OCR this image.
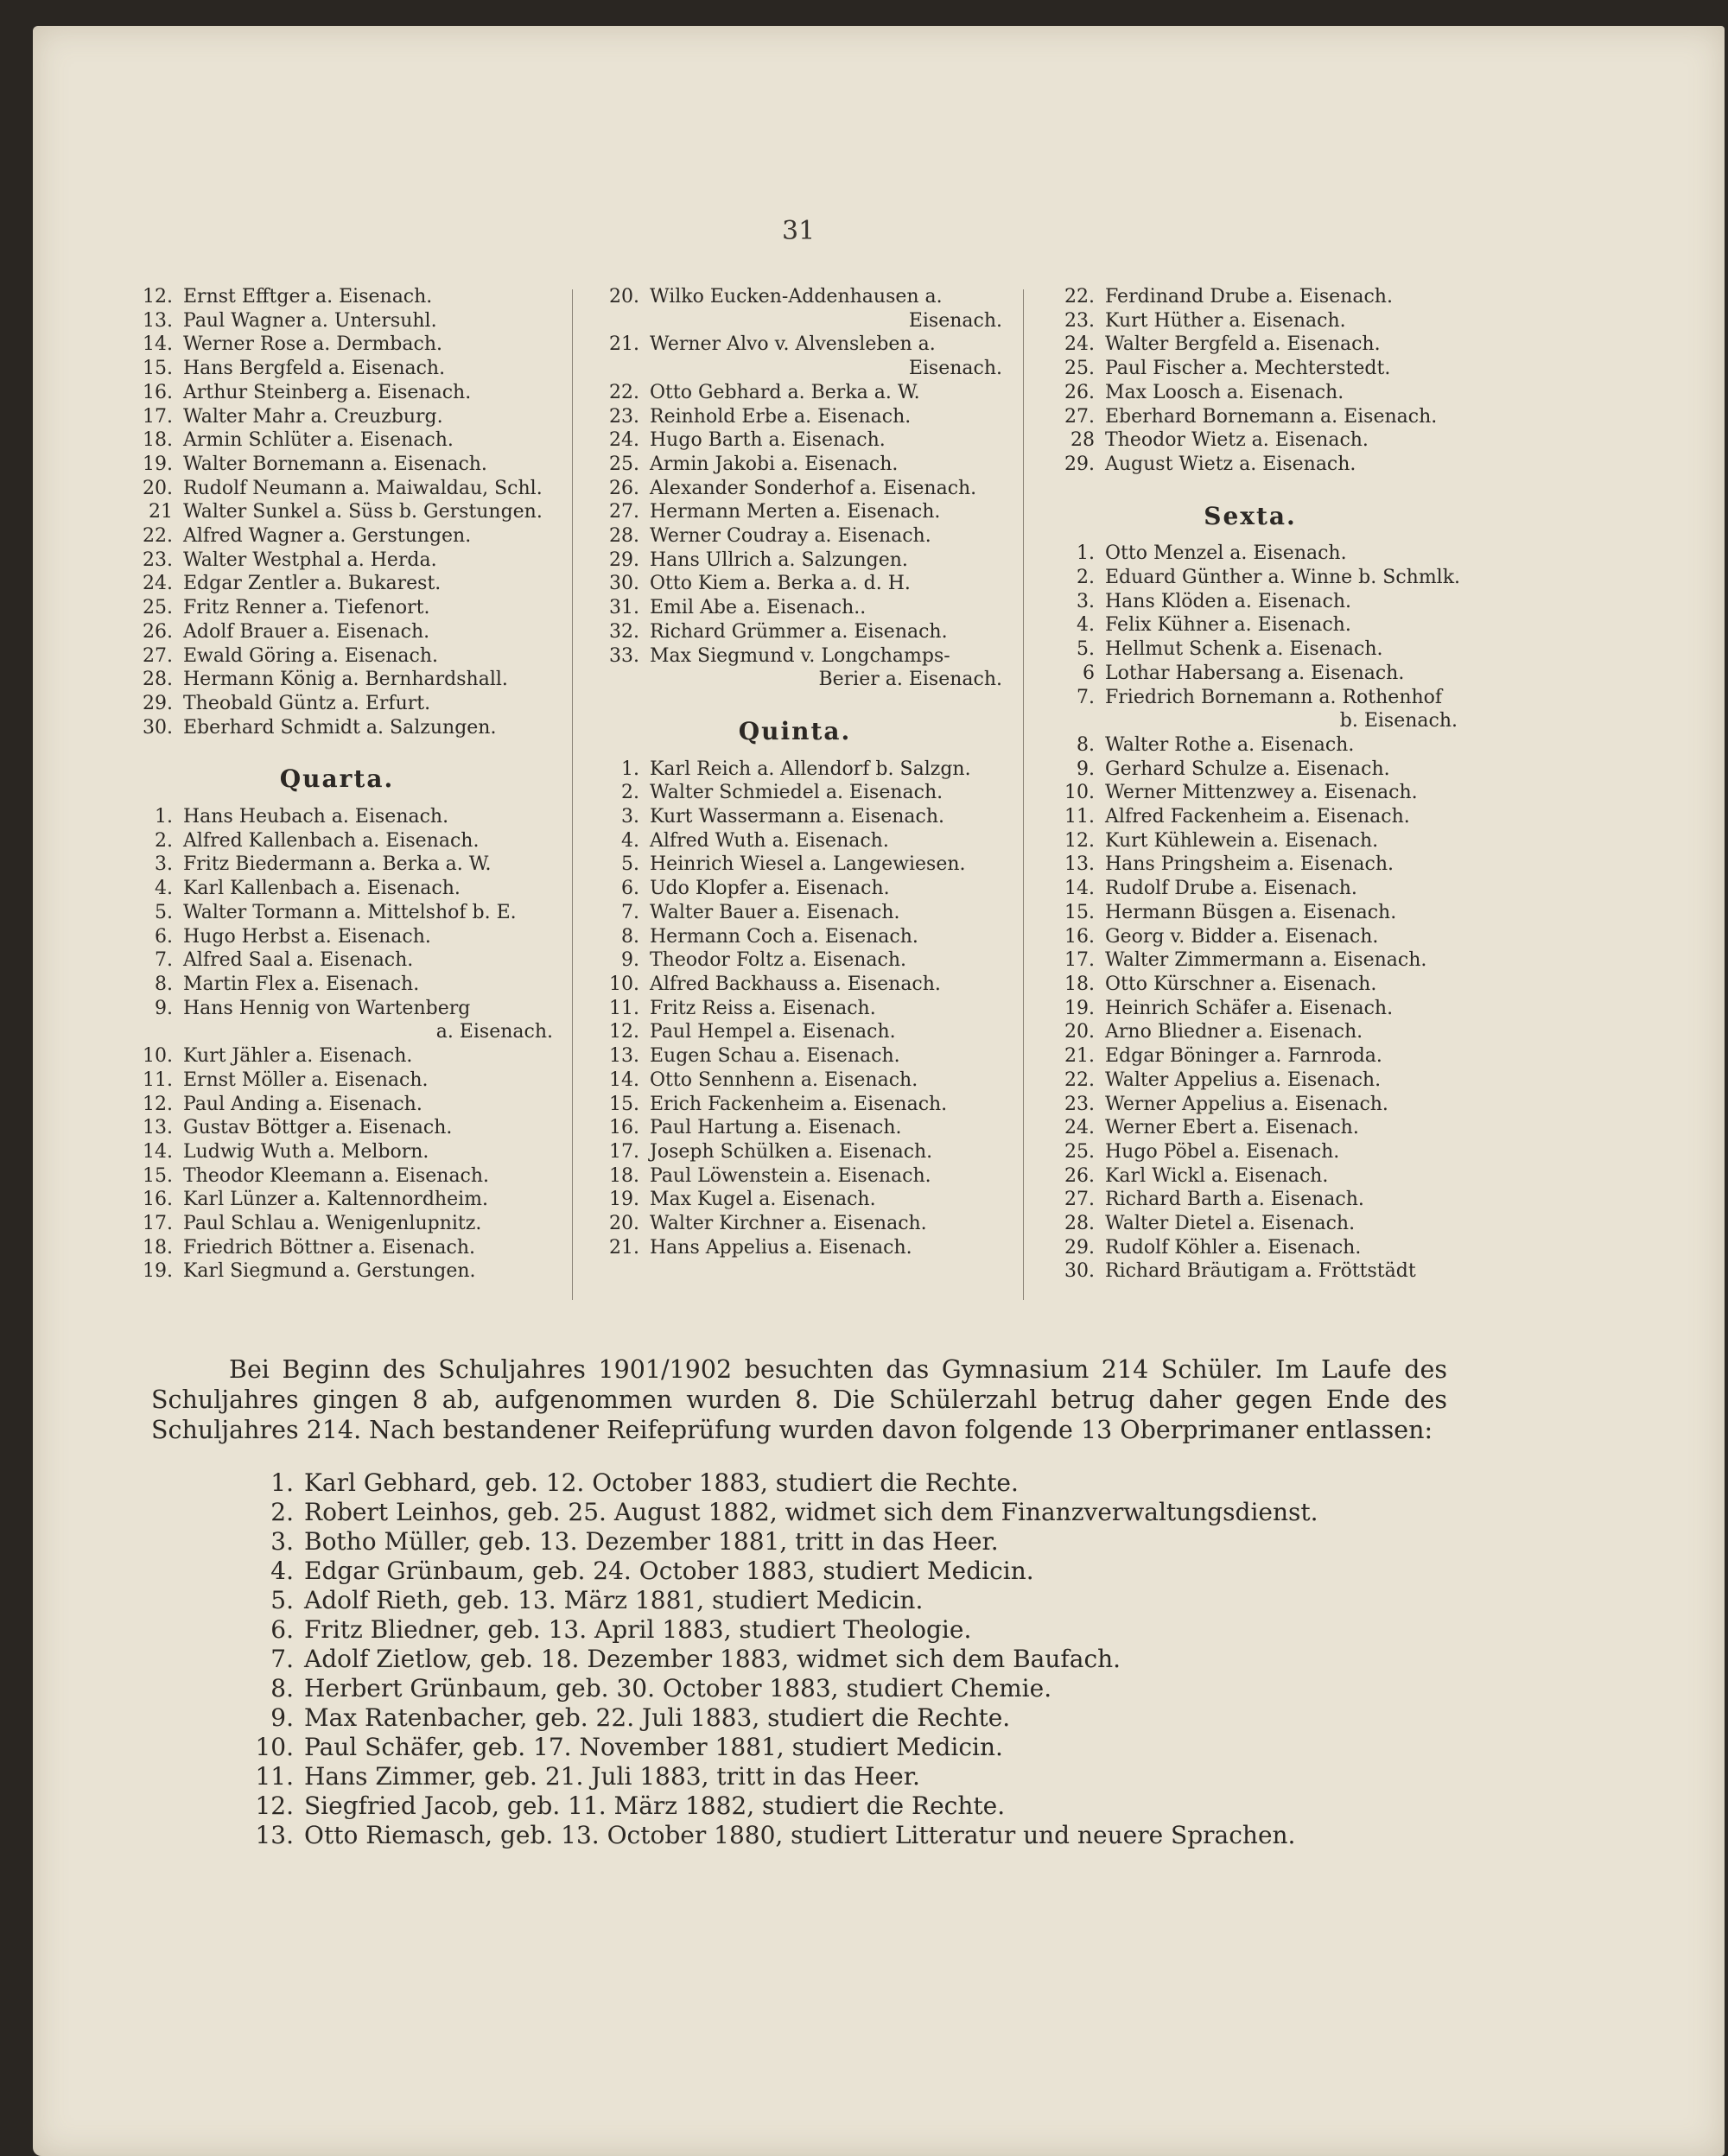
31
12. Ernst Efftger a. Eisenach.
13. Paul Wagner a. Untersuhl.
14. Werner Rose a. Dermbach.
15. Hans Bergfeld a. Eisenach.
16. Arthur Steinberg a. Eisenach.
17. Walter Mahr a. Creuzburg.
18. Armin Schlüter a. Eisenach.
19. Walter Bornemann a. Eisenach.
20. Rudolf Neumann a. Maiwaldau, Schl.
21 Walter Sunkel a. Süss b. Gerstungen.
22. Alfred Wagner a. Gerstungen.
23. Walter Westphal a. Herda.
24. Edgar Zentler a. Bukarest.
25. Fritz Renner a. Tiefenort.
26. Adolf Brauer a. Eisenach.
27. Ewald Göring a. Eisenach.
28. Hermann König a. Bernhardshall.
29. Theobald Güntz a. Erfurt.
30. Eberhard Schmidt a. Salzungen.
Quarta.
1. Hans Heubach a. Eisenach.
2. Alfred Kallenbach a. Eisenach.
3. Fritz Biedermann a. Berka a. W.
4. Karl Kallenbach a. Eisenach.
5. Walter Tormann a. Mittelshof b. E.
6. Hugo Herbst a. Eisenach.
7. Alfred Saal a. Eisenach.
8. Martin Flex a. Eisenach.
9. Hans Hennig von Wartenberg
a. Eisenach.
10. Kurt Jähler a. Eisenach.
11. Ernst Möller a. Eisenach.
12. Paul Anding a. Eisenach.
13. Gustav Böttger a. Eisenach.
14. Ludwig Wuth a. Melborn.
15. Theodor Kleemann a. Eisenach.
16. Karl Lünzer a. Kaltennordheim.
17. Paul Schlau a. Wenigenlupnitz.
18. Friedrich Böttner a. Eisenach.
19. Karl Siegmund a. Gerstungen.
20. Wilko Eucken-Addenhausen a.
Eisenach.
21. Werner Alvo v. Alvensleben a.
Eisenach.
22. Otto Gebhard a. Berka a. W.
23. Reinhold Erbe a. Eisenach.
24. Hugo Barth a. Eisenach.
25. Armin Jakobi a. Eisenach.
26. Alexander Sonderhof a. Eisenach.
27. Hermann Merten a. Eisenach.
28. Werner Coudray a. Eisenach.
29. Hans Ullrich a. Salzungen.
30. Otto Kiem a. Berka a. d. H.
31. Emil Abe a. Eisenach..
32. Richard Grümmer a. Eisenach.
33. Max Siegmund v. Longchamps-
Berier a. Eisenach.
Quinta.
1. Karl Reich a. Allendorf b. Salzgn.
2. Walter Schmiedel a. Eisenach.
3. Kurt Wassermann a. Eisenach.
4. Alfred Wuth a. Eisenach.
5. Heinrich Wiesel a. Langewiesen.
6. Udo Klopfer a. Eisenach.
7. Walter Bauer a. Eisenach.
8. Hermann Coch a. Eisenach.
9. Theodor Foltz a. Eisenach.
10. Alfred Backhauss a. Eisenach.
11. Fritz Reiss a. Eisenach.
12. Paul Hempel a. Eisenach.
13. Eugen Schau a. Eisenach.
14. Otto Sennhenn a. Eisenach.
15. Erich Fackenheim a. Eisenach.
16. Paul Hartung a. Eisenach.
17. Joseph Schülken a. Eisenach.
18. Paul Löwenstein a. Eisenach.
19. Max Kugel a. Eisenach.
20. Walter Kirchner a. Eisenach.
21. Hans Appelius a. Eisenach.
22. Ferdinand Drube a. Eisenach.
23. Kurt Hüther a. Eisenach.
24. Walter Bergfeld a. Eisenach.
25. Paul Fischer a. Mechterstedt.
26. Max Loosch a. Eisenach.
27. Eberhard Bornemann a. Eisenach.
28 Theodor Wietz a. Eisenach.
29. August Wietz a. Eisenach.
Sexta.
1. Otto Menzel a. Eisenach.
2. Eduard Günther a. Winne b. Schmlk.
3. Hans Klöden a. Eisenach.
4. Felix Kühner a. Eisenach.
5. Hellmut Schenk a. Eisenach.
6 Lothar Habersang a. Eisenach.
7. Friedrich Bornemann a. Rothenhof
b. Eisenach.
8. Walter Rothe a. Eisenach.
9. Gerhard Schulze a. Eisenach.
10. Werner Mittenzwey a. Eisenach.
11. Alfred Fackenheim a. Eisenach.
12. Kurt Kühlewein a. Eisenach.
13. Hans Pringsheim a. Eisenach.
14. Rudolf Drube a. Eisenach.
15. Hermann Büsgen a. Eisenach.
16. Georg v. Bidder a. Eisenach.
17. Walter Zimmermann a. Eisenach.
18. Otto Kürschner a. Eisenach.
19. Heinrich Schäfer a. Eisenach.
20. Arno Bliedner a. Eisenach.
21. Edgar Böninger a. Farnroda.
22. Walter Appelius a. Eisenach.
23. Werner Appelius a. Eisenach.
24. Werner Ebert a. Eisenach.
25. Hugo Pöbel a. Eisenach.
26. Karl Wickl a. Eisenach.
27. Richard Barth a. Eisenach.
28. Walter Dietel a. Eisenach.
29. Rudolf Köhler a. Eisenach.
30. Richard Bräutigam a. Fröttstädt
Bei Beginn des Schuljahres 1901/1902 besuchten das Gymnasium 214 Schüler. Im Laufe des Schuljahres gingen 8 ab, aufgenommen wurden 8. Die Schülerzahl betrug daher gegen Ende des Schuljahres 214. Nach bestandener Reifeprüfung wurden davon folgende 13 Oberprimaner entlassen:
1. Karl Gebhard, geb. 12. October 1883, studiert die Rechte.
2. Robert Leinhos, geb. 25. August 1882, widmet sich dem Finanzverwaltungsdienst.
3. Botho Müller, geb. 13. Dezember 1881, tritt in das Heer.
4. Edgar Grünbaum, geb. 24. October 1883, studiert Medicin.
5. Adolf Rieth, geb. 13. März 1881, studiert Medicin.
6. Fritz Bliedner, geb. 13. April 1883, studiert Theologie.
7. Adolf Zietlow, geb. 18. Dezember 1883, widmet sich dem Baufach.
8. Herbert Grünbaum, geb. 30. October 1883, studiert Chemie.
9. Max Ratenbacher, geb. 22. Juli 1883, studiert die Rechte.
10. Paul Schäfer, geb. 17. November 1881, studiert Medicin.
11. Hans Zimmer, geb. 21. Juli 1883, tritt in das Heer.
12. Siegfried Jacob, geb. 11. März 1882, studiert die Rechte.
13. Otto Riemasch, geb. 13. October 1880, studiert Litteratur und neuere Sprachen.
